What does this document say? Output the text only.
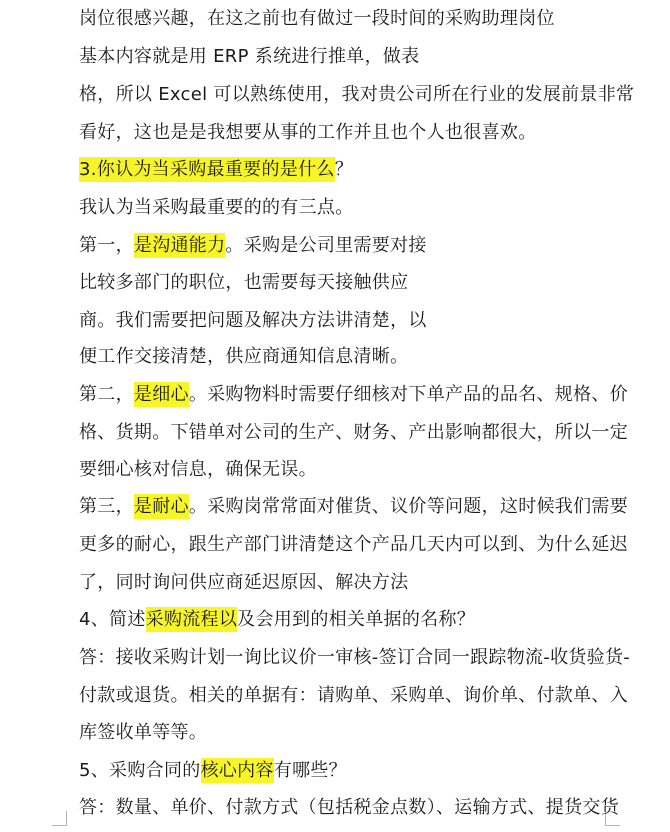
岗位很感兴趣，在这之前也有做过一段时间的采购助理岗位
基本内容就是用 ERP 系统进行推单，做表
格，所以 Excel 可以熟练使用，我对贵公司所在行业的发展前景非常
看好，这也是是我想要从事的工作并且也个人也很喜欢。
3.你认为当采购最重要的是什么？
我认为当采购最重要的的有三点。
第一，是沟通能力。采购是公司里需要对接
比较多部门的职位，也需要每天接触供应
商。我们需要把问题及解决方法讲清楚，以
便工作交接清楚，供应商通知信息清晰。
第二，是细心。采购物料时需要仔细核对下单产品的品名、规格、价
格、货期。下错单对公司的生产、财务、产出影响都很大，所以一定
要细心核对信息，确保无误。
第三，是耐心。采购岗常常面对催货、议价等问题，这时候我们需要
更多的耐心，跟生产部门讲清楚这个产品几天内可以到、为什么延迟
了，同时询问供应商延迟原因、解决方法
4、简述采购流程以及会用到的相关单据的名称？
答：接收采购计划一询比议价一审核-签订合同一跟踪物流-收货验货-
付款或退货。相关的单据有：请购单、采购单、询价单、付款单、入
库签收单等等。
5、采购合同的核心内容有哪些？
答：数量、单价、付款方式（包括税金点数）、运输方式、提货交货
